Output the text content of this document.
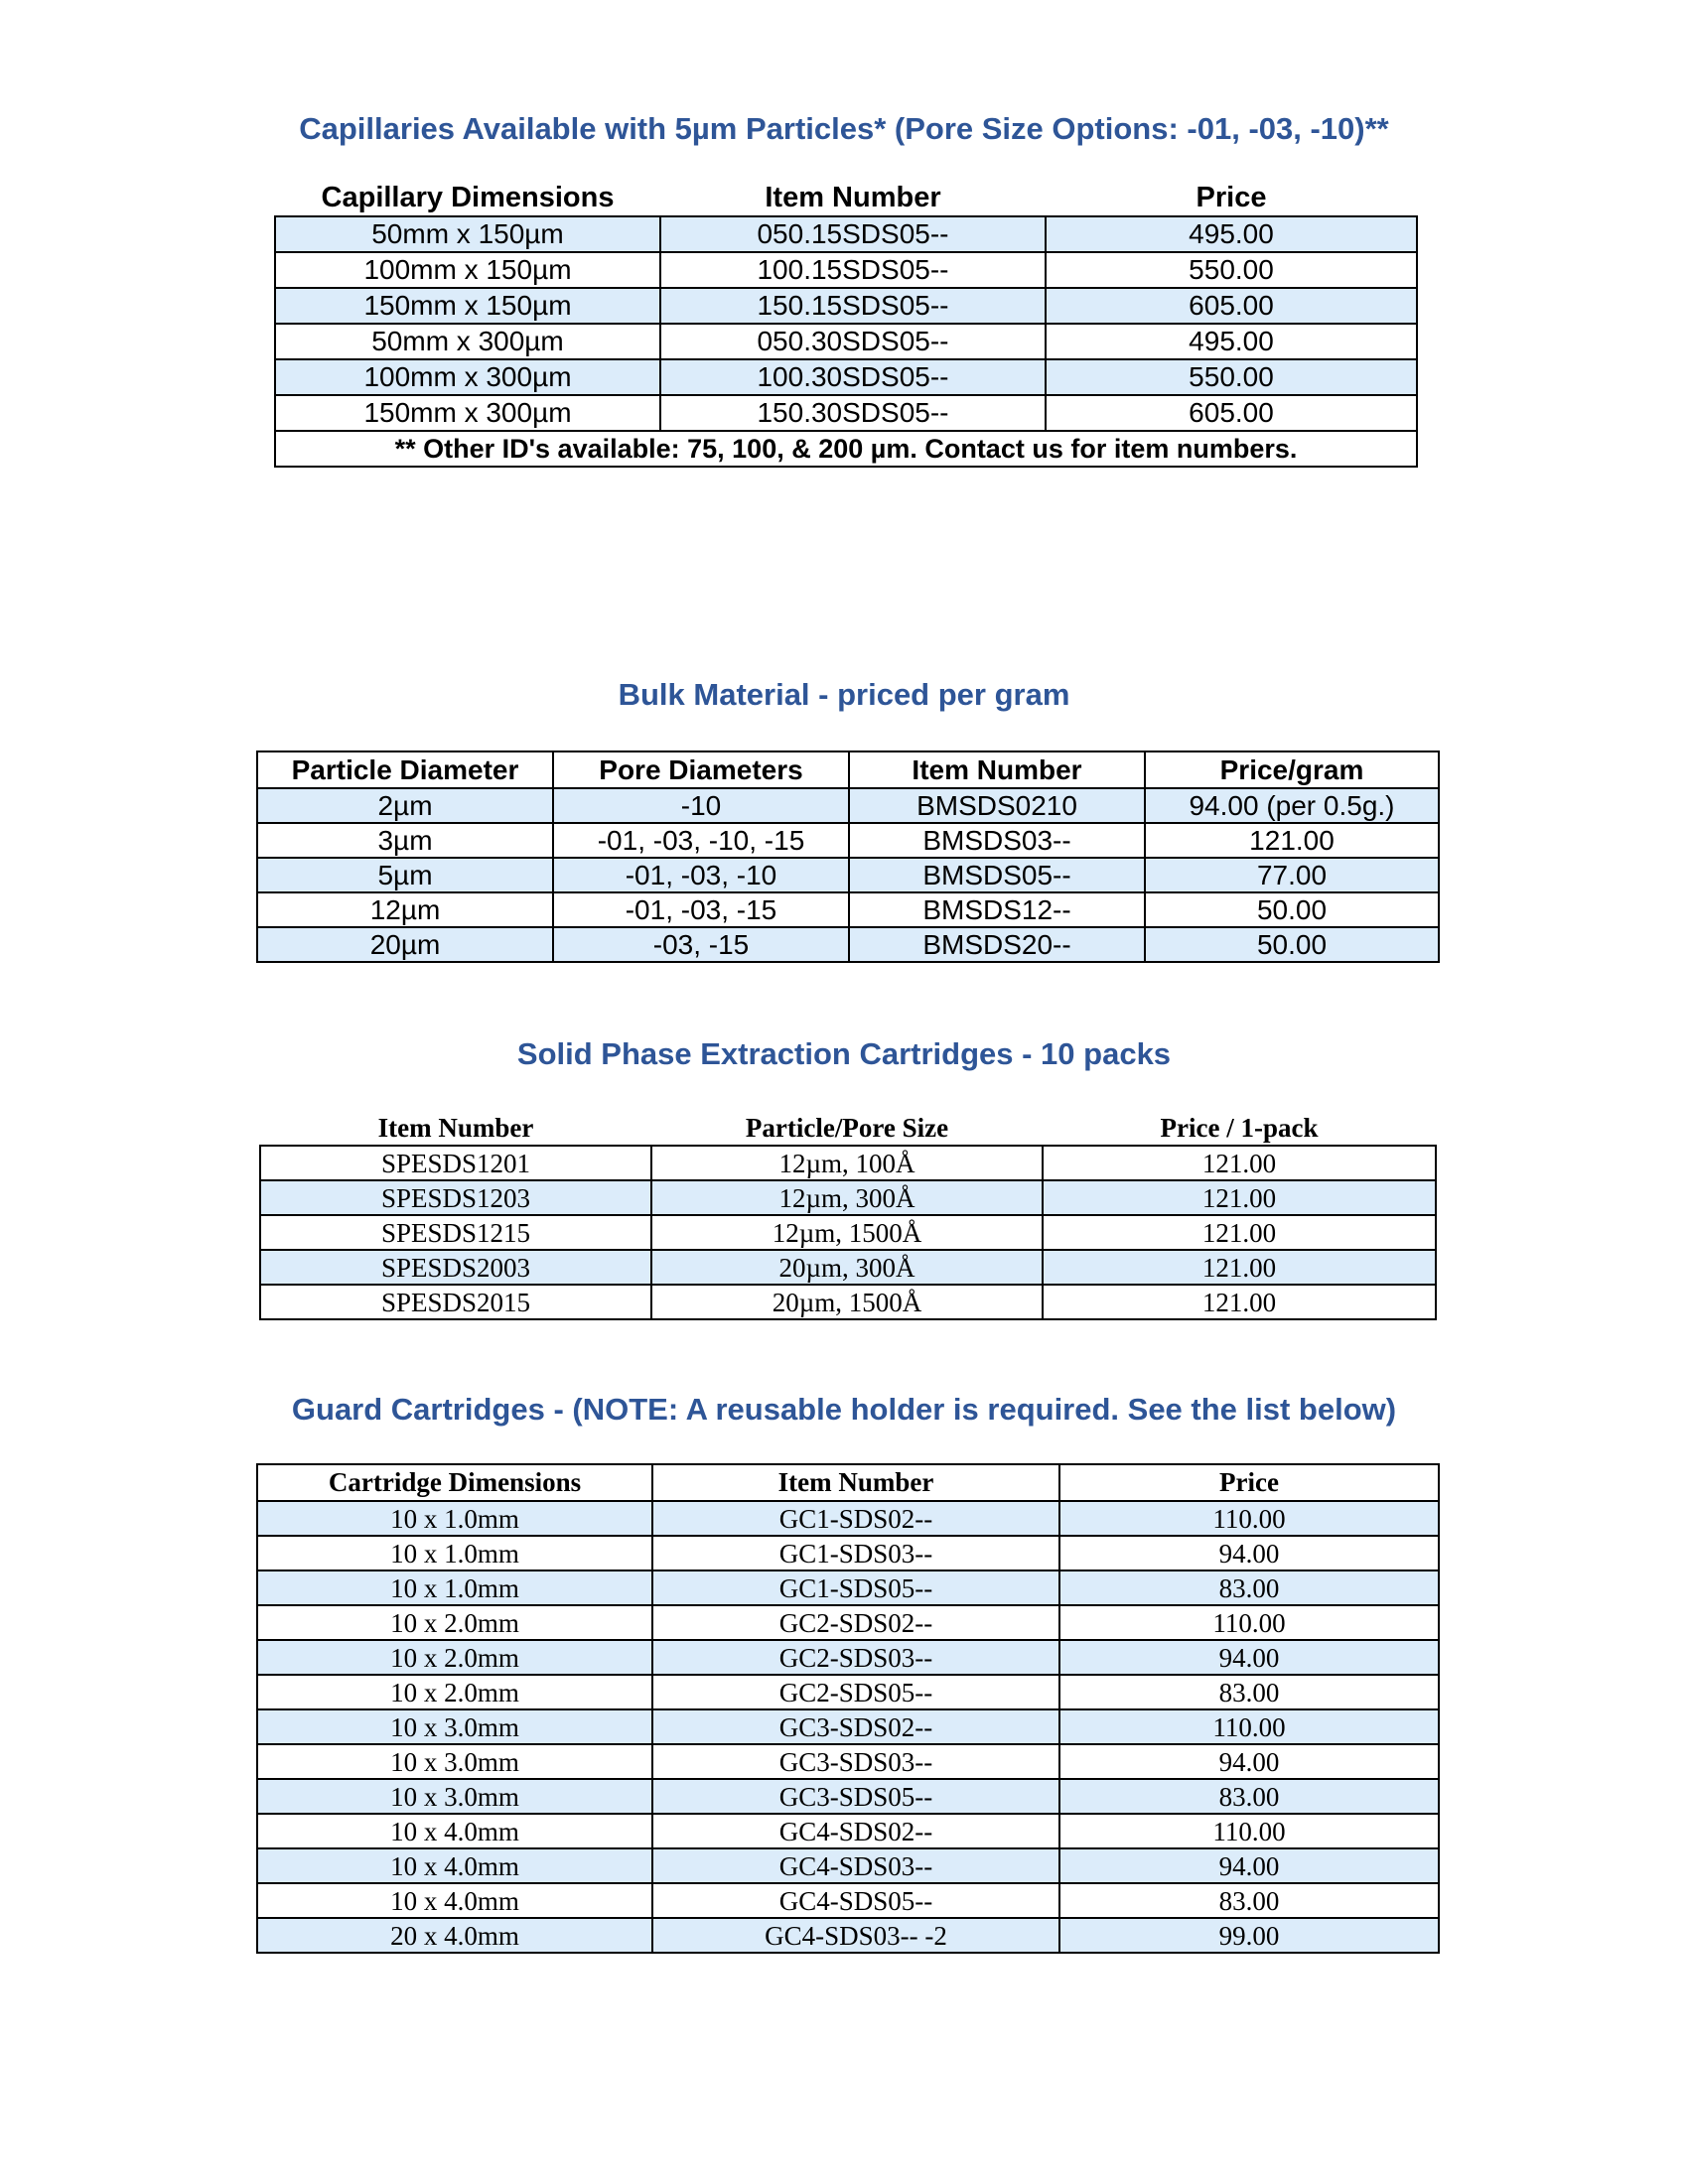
Capillaries Available with 5µm Particles* (Pore Size Options: -01, -03, -10)**
Capillary Dimensions	Item Number	Price
50mm x 150µm	050.15SDS05--	495.00
100mm x 150µm	100.15SDS05--	550.00
150mm x 150µm	150.15SDS05--	605.00
50mm x 300µm	050.30SDS05--	495.00
100mm x 300µm	100.30SDS05--	550.00
150mm x 300µm	150.30SDS05--	605.00
** Other ID's available: 75, 100, & 200 µm. Contact us for item numbers.		
Bulk Material - priced per gram
Particle Diameter	Pore Diameters	Item Number	Price/gram
2µm	-10	BMSDS0210	94.00 (per 0.5g.)
3µm	-01, -03, -10, -15	BMSDS03--	121.00
5µm	-01, -03, -10	BMSDS05--	77.00
12µm	-01, -03, -15	BMSDS12--	50.00
20µm	-03, -15	BMSDS20--	50.00
Solid Phase Extraction Cartridges - 10 packs
Item Number	Particle/Pore Size	Price / 1-pack
SPESDS1201	12µm, 100Å	121.00
SPESDS1203	12µm, 300Å	121.00
SPESDS1215	12µm, 1500Å	121.00
SPESDS2003	20µm, 300Å	121.00
SPESDS2015	20µm, 1500Å	121.00
Guard Cartridges - (NOTE: A reusable holder is required. See the list below)
Cartridge Dimensions	Item Number	Price
10 x 1.0mm	GC1-SDS02--	110.00
10 x 1.0mm	GC1-SDS03--	94.00
10 x 1.0mm	GC1-SDS05--	83.00
10 x 2.0mm	GC2-SDS02--	110.00
10 x 2.0mm	GC2-SDS03--	94.00
10 x 2.0mm	GC2-SDS05--	83.00
10 x 3.0mm	GC3-SDS02--	110.00
10 x 3.0mm	GC3-SDS03--	94.00
10 x 3.0mm	GC3-SDS05--	83.00
10 x 4.0mm	GC4-SDS02--	110.00
10 x 4.0mm	GC4-SDS03--	94.00
10 x 4.0mm	GC4-SDS05--	83.00
20 x 4.0mm	GC4-SDS03-- -2	99.00
